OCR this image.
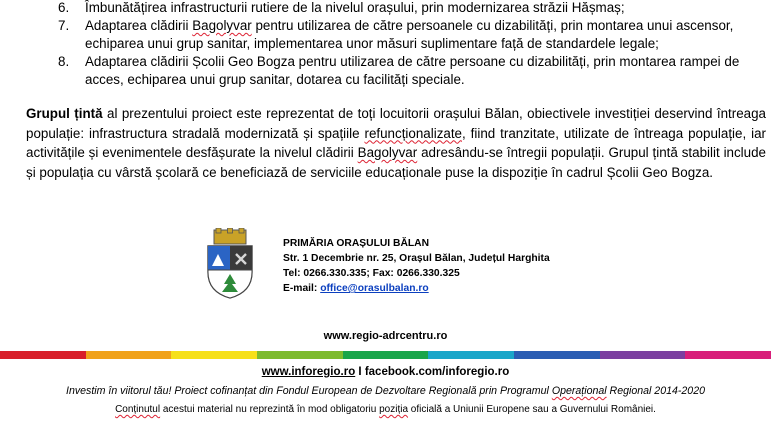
6. Îmbunătățirea infrastructurii rutiere de la nivelul orașului, prin modernizarea străzii Hășmaș;
7. Adaptarea clădirii Bagolyvar pentru utilizarea de către persoanele cu dizabilități, prin montarea unui ascensor, echiparea unui grup sanitar, implementarea unor măsuri suplimentare față de standardele legale;
8. Adaptarea clădirii Școlii Geo Bogza pentru utilizarea de către persoane cu dizabilități, prin montarea rampei de acces, echiparea unui grup sanitar, dotarea cu facilități speciale.
Grupul țintă al prezentului proiect este reprezentat de toți locuitorii orașului Bălan, obiectivele investiției deservind întreaga populație: infrastructura stradală modernizată și spațiile refuncționalizate, fiind tranzitate, utilizate de întreaga populație, iar activitățile și evenimentele desfășurate la nivelul clădirii Bagolyvar adresându-se întregii populații. Grupul țintă stabilit include și populația cu vârstă școlară ce beneficiază de serviciile educaționale puse la dispoziție în cadrul Școlii Geo Bogza.
PRIMĂRIA ORAȘULUI BĂLAN
Str. 1 Decembrie nr. 25, Orașul Bălan, Județul Harghita
Tel: 0266.330.335; Fax: 0266.330.325
E-mail: office@orasulbalan.ro
www.regio-adrcentru.ro
www.inforegio.ro I facebook.com/inforegio.ro
Investim în viitorul tău! Proiect cofinanțat din Fondul European de Dezvoltare Regională prin Programul Operațional Regional 2014-2020
Conținutul acestui material nu reprezintă în mod obligatoriu poziția oficială a Uniunii Europene sau a Guvernului României.
